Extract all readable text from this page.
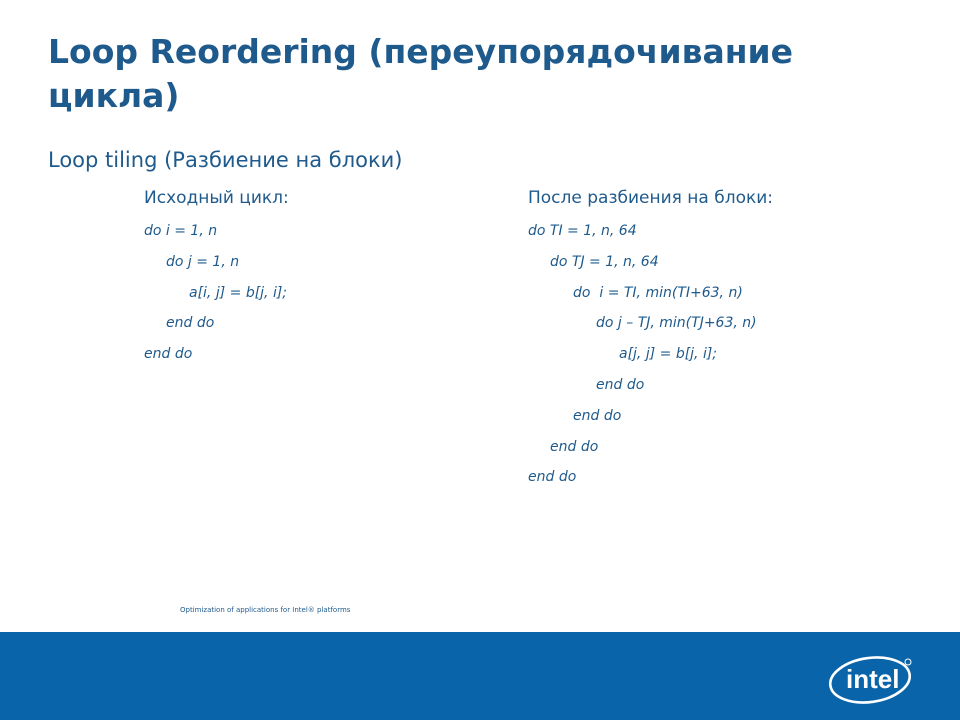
Loop Reordering (переупорядочивание цикла)
Loop tiling (Разбиение на блоки)
Исходный цикл:	После разбиения на блоки:
do i = 1, n
do j = 1, n
a[i, j] = b[j, i];
end do
end do
do TI = 1, n, 64
do TJ = 1, n, 64
do  i = TI, min(TI+63, n)
do j – TJ, min(TJ+63, n)
a[j, j] = b[j, i];
end do
end do
end do
end do
Optimization of applications for Intel® platforms
intel
